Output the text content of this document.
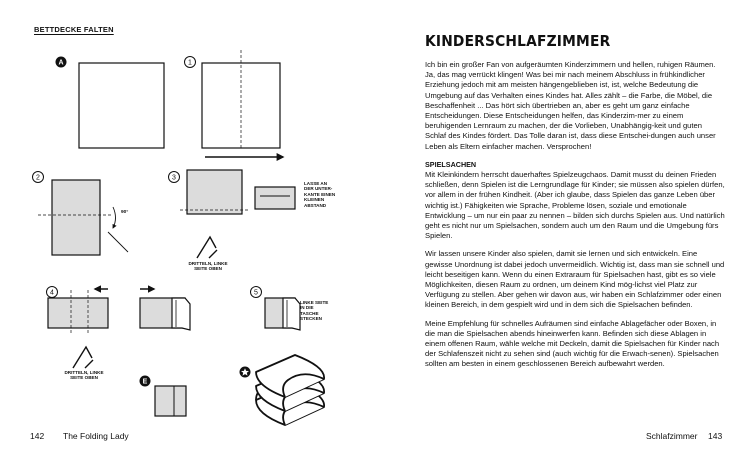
BETTDECKE FALTEN
A	1
2	3
4	5
E
90°
LASSE AN DER UNTER- KANTE EINEN KLEINEN ABSTAND
DRITTELN, LINKE SEITE OBEN
DRITTELN, LINKE SEITE OBEN
LINKE SEITE IN DIE TASCHE STECKEN
142 The Folding Lady
KINDERSCHLAFZIMMER

Ich bin ein großer Fan von aufgeräumten Kinderzimmern und hellen, ruhigen Räumen. Ja, das mag verrückt klingen! Was bei mir nach meinem Abschluss in frühkindlicher Erziehung jedoch mit am meisten hängengeblieben ist, ist, welche Bedeutung die Umgebung auf das Verhalten eines Kindes hat. Alles zählt – die Farbe, die Möbel, die Beschaffenheit ... Das hört sich übertrieben an, aber es geht um ganz einfache Entscheidungen. Diese Entscheidungen helfen, das Kinderzim-mer zu einem beruhigenden Lernraum zu machen, der die Vorlieben, Unabhängig-keit und guten Schlaf des Kindes fördert. Das Tolle daran ist, dass diese Entschei-dungen auch unser Leben als Eltern einfacher machen. Versprochen!

SPIELSACHEN

Mit Kleinkindern herrscht dauerhaftes Spielzeugchaos. Damit musst du deinen Frieden schließen, denn Spielen ist die Lerngrundlage für Kinder; sie müssen also spielen dürfen, vor allem in der frühen Kindheit. (Aber ich glaube, dass Spielen das ganze Leben über wichtig ist.) Fähigkeiten wie Sprache, Probleme lösen, soziale und emotionale Entwicklung – um nur ein paar zu nennen – bilden sich durchs Spielen aus. Und natürlich geht es nicht nur um Spielsachen, sondern auch um den Raum und die Umgebung fürs Spielen.

Wir lassen unsere Kinder also spielen, damit sie lernen und sich entwickeln. Eine gewisse Unordnung ist dabei jedoch unvermeidlich. Wichtig ist, dass man sie schnell und leicht beseitigen kann. Wenn du einen Extraraum für Spielsachen hast, gibt es so viele Möglichkeiten, diesen Raum zu ordnen, um deinem Kind mög-lichst viel Platz zur Verfügung zu stellen. Aber gehen wir davon aus, wir haben ein Schlafzimmer oder einen kleinen Bereich, in dem gespielt wird und in dem sich die Spielsachen befinden.

Meine Empfehlung für schnelles Aufräumen sind einfache Ablagefächer oder Boxen, in die man die Spielsachen abends hineinwerfen kann. Befinden sich diese Ablagen in einem offenen Raum, wähle welche mit Deckeln, damit die Spielsachen für Kinder nach der Schlafenszeit nicht zu sehen sind (auch wichtig für die Erwach-senen). Spielsachen sollten am besten in einem geschlossenen Bereich aufbewahrt werden.

Schlafzimmer 143
